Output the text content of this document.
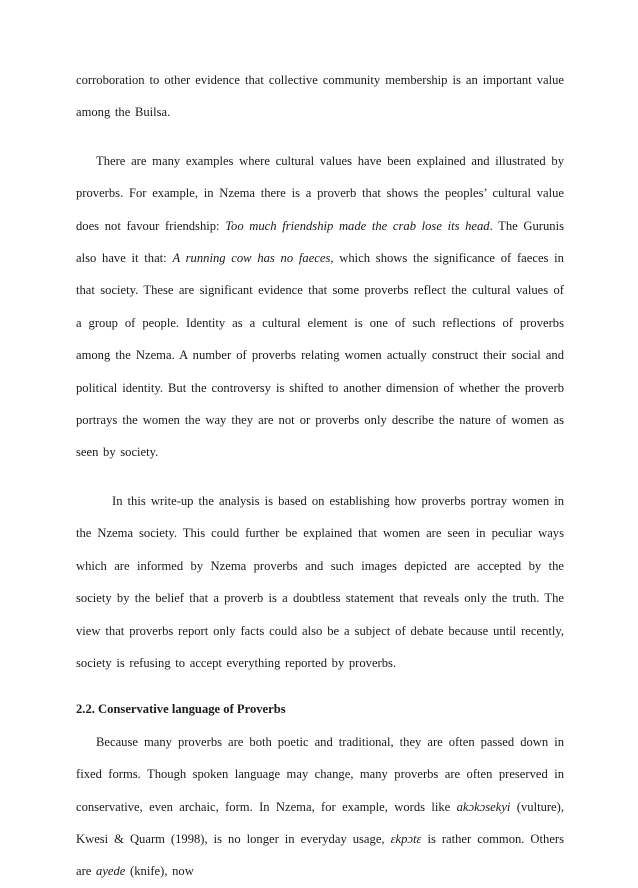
corroboration to other evidence that collective community membership is an important value among the Builsa.

There are many examples where cultural values have been explained and illustrated by proverbs. For example, in Nzema there is a proverb that shows the peoples’ cultural value does not favour friendship: Too much friendship made the crab lose its head. The Gurunis also have it that: A running cow has no faeces, which shows the significance of faeces in that society. These are significant evidence that some proverbs reflect the cultural values of a group of people. Identity as a cultural element is one of such reflections of proverbs among the Nzema. A number of proverbs relating women actually construct their social and political identity. But the controversy is shifted to another dimension of whether the proverb portrays the women the way they are not or proverbs only describe the nature of women as seen by society.

In this write-up the analysis is based on establishing how proverbs portray women in the Nzema society. This could further be explained that women are seen in peculiar ways which are informed by Nzema proverbs and such images depicted are accepted by the society by the belief that a proverb is a doubtless statement that reveals only the truth. The view that proverbs report only facts could also be a subject of debate because until recently, society is refusing to accept everything reported by proverbs.

2.2. Conservative language of Proverbs

Because many proverbs are both poetic and traditional, they are often passed down in fixed forms. Though spoken language may change, many proverbs are often preserved in conservative, even archaic, form. In Nzema, for example, words like akɔkɔsekyi (vulture), Kwesi & Quarm (1998), is no longer in everyday usage, ɛkpɔtɛ is rather common. Others are ayede (knife), now
